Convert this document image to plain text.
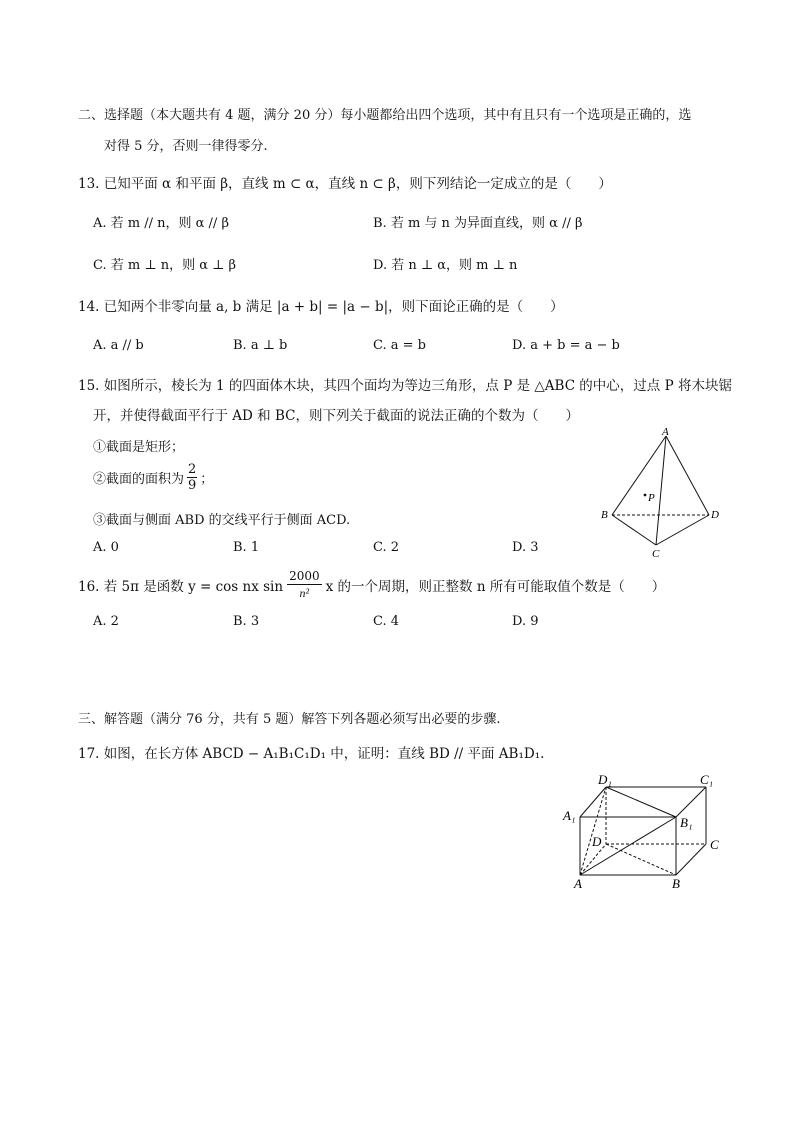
二、选择题（本大题共有 4 题，满分 20 分）每小题都给出四个选项，其中有且只有一个选项是正确的，选
对得 5 分，否则一律得零分.
13. 已知平面 α 和平面 β，直线 m ⊂ α，直线 n ⊂ β，则下列结论一定成立的是（　　）
A. 若 m // n，则 α // β	B. 若 m 与 n 为异面直线，则 α // β
C. 若 m ⊥ n，则 α ⊥ β	D. 若 n ⊥ α，则 m ⊥ n
14. 已知两个非零向量 a, b 满足 |a + b| = |a − b|，则下面论正确的是（　　）
A. a // b	B. a ⊥ b	C. a = b	D. a + b = a − b
15. 如图所示，棱长为 1 的四面体木块，其四个面均为等边三角形，点 P 是 △ABC 的中心，过点 P 将木块锯
开，并使得截面平行于 AD 和 BC，则下列关于截面的说法正确的个数为（　　）
①截面是矩形；
②截面的面积为 $\frac{2}{9}$ ；
③截面与侧面 ABD 的交线平行于侧面 ACD.
A. 0	B. 1	C. 2	D. 3
A
B
C
D
P
16. 若 5π 是函数 y = cos nx $\sin \frac{2000}{\text{n²}}$ x 的一个周期，则正整数 n 所有可能取值个数是（　　）
A. 2	B. 3	C. 4	D. 9
三、解答题（满分 76 分，共有 5 题）解答下列各题必须写出必要的步骤.
17. 如图，在长方体 ABCD − A₁B₁C₁D₁ 中，证明：直线 BD // 平面 AB₁D₁.
D₁	C₁
A₁	B₁
D	C
A	B
